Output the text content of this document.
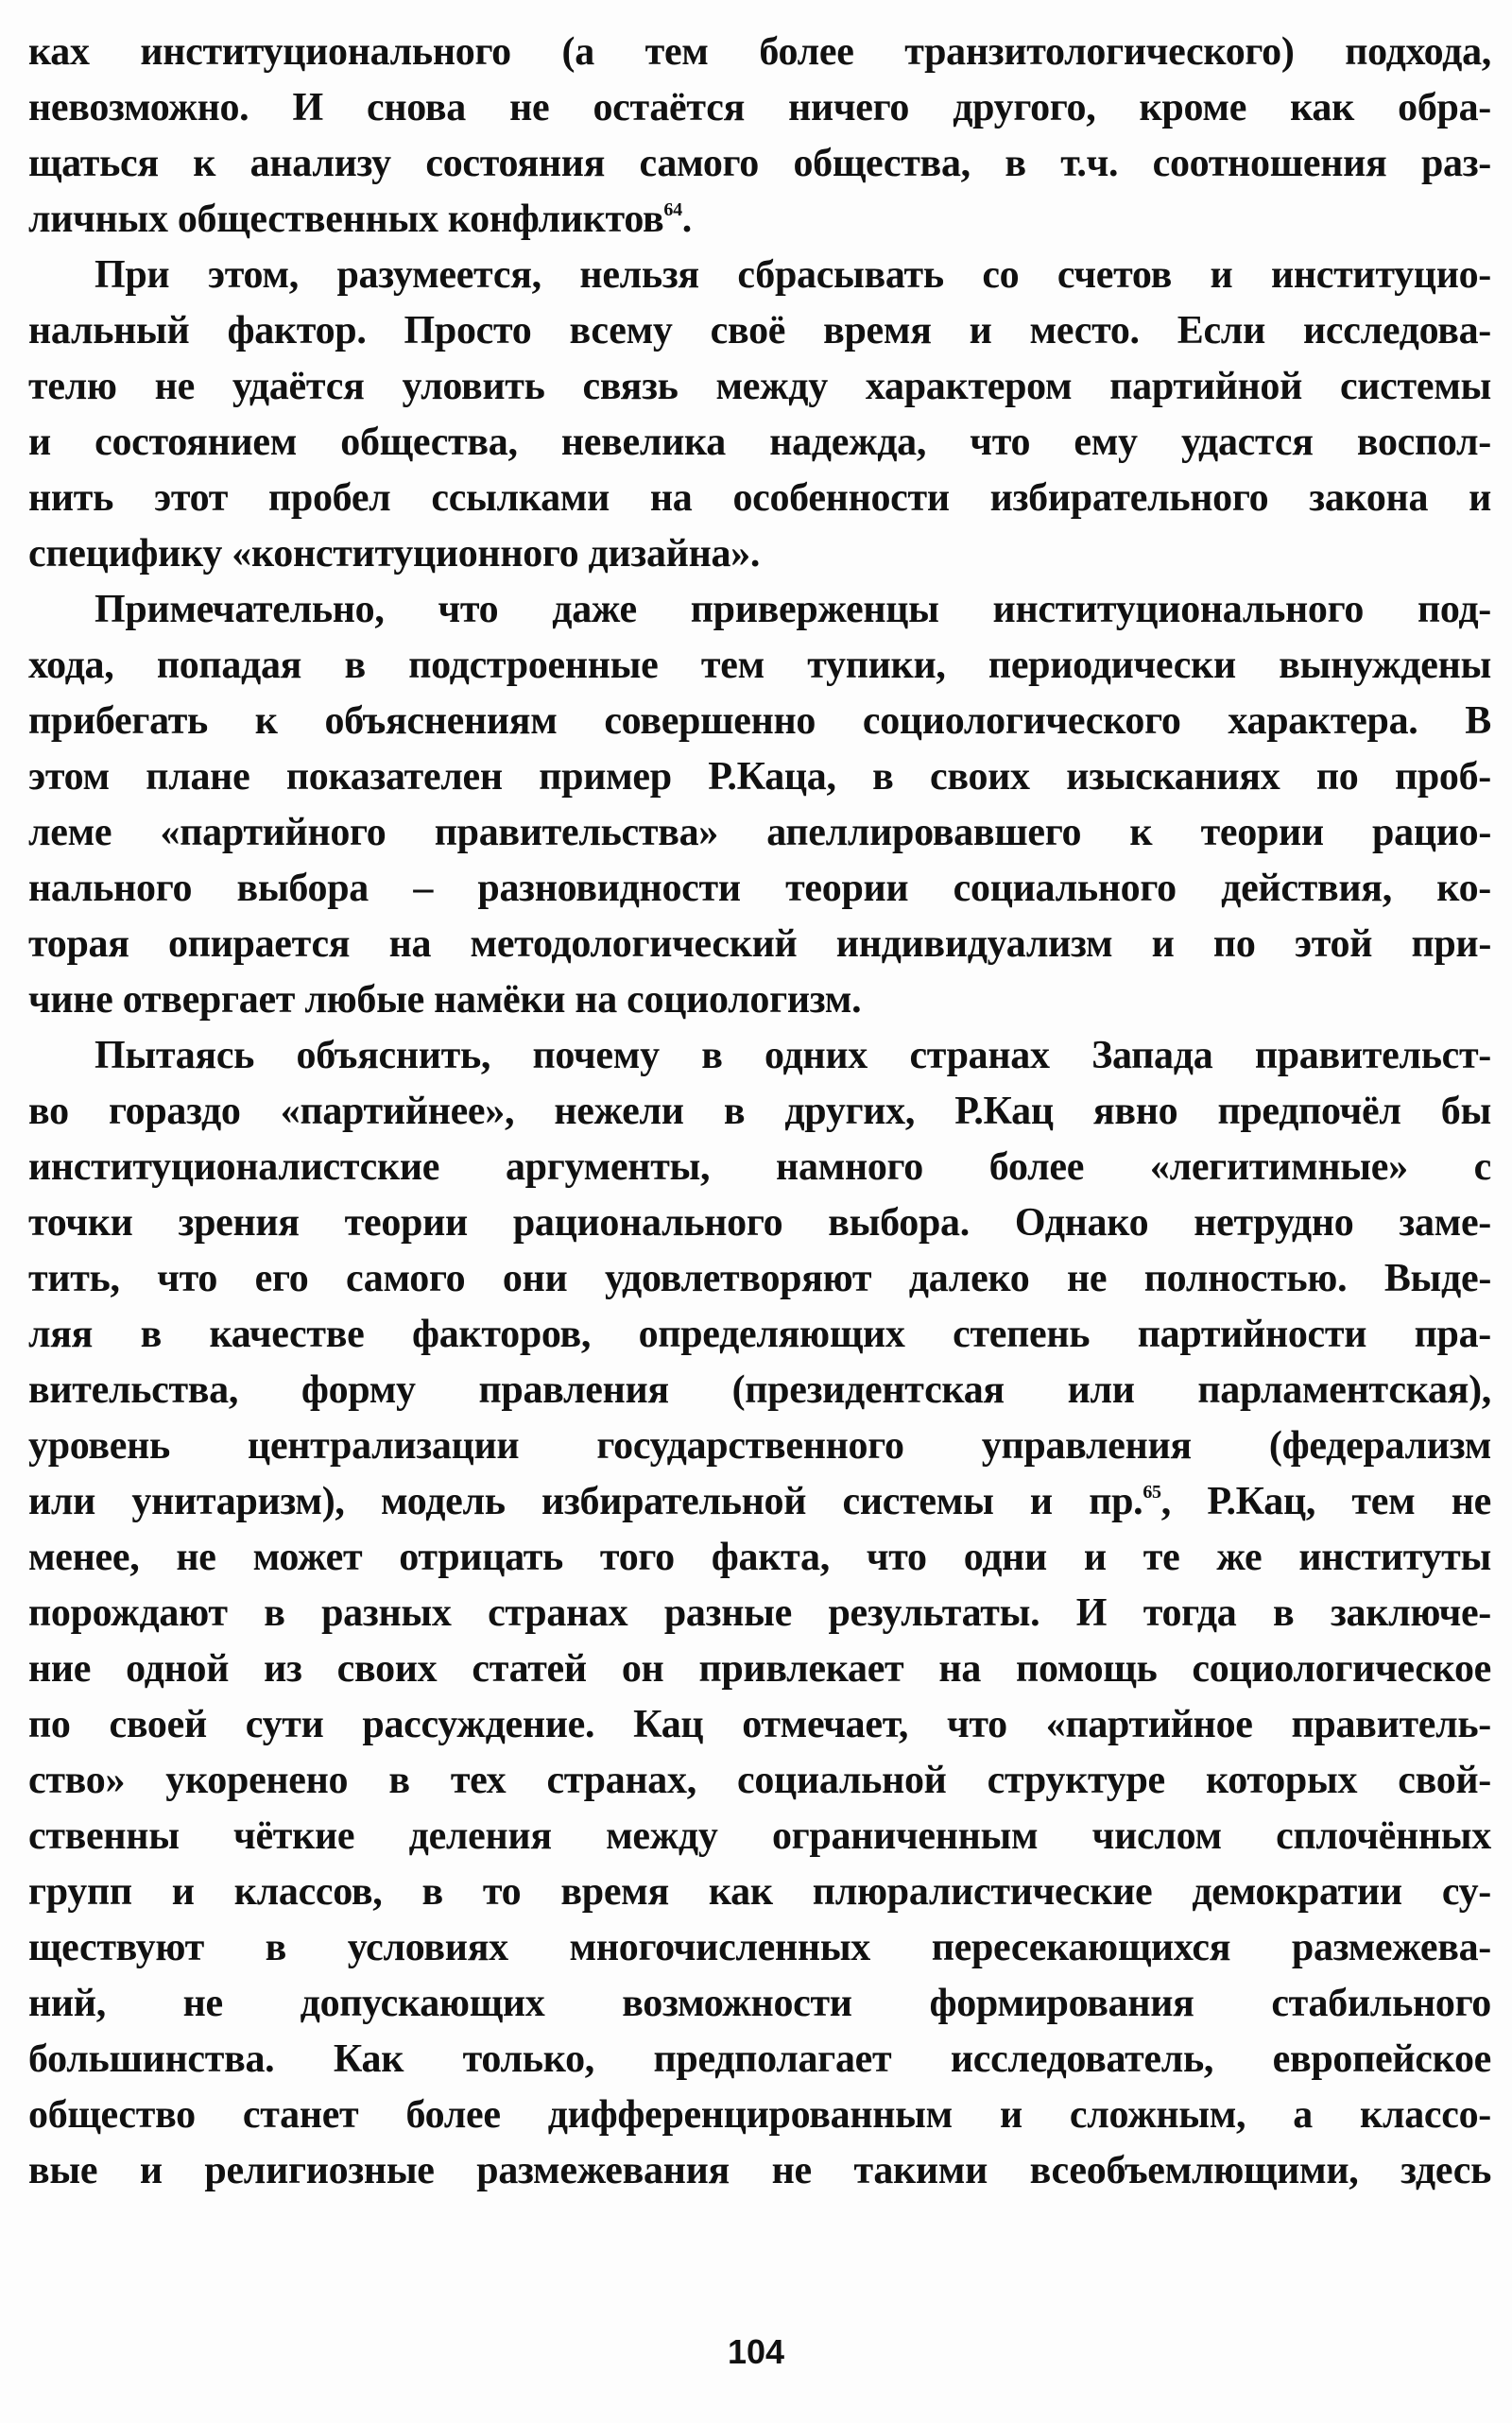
ках институционального (а тем более транзитологического) подхода,
невозможно. И снова не остаётся ничего другого, кроме как обра-
щаться к анализу состояния самого общества, в т.ч. соотношения раз-
личных общественных конфликтов$^{64}$.
При этом, разумеется, нельзя сбрасывать со счетов и институцио-
нальный фактор. Просто всему своё время и место. Если исследова-
телю не удаётся уловить связь между характером партийной системы
и состоянием общества, невелика надежда, что ему удастся воспол-
нить этот пробел ссылками на особенности избирательного закона и
специфику «конституционного дизайна».
Примечательно, что даже приверженцы институционального под-
хода, попадая в подстроенные тем тупики, периодически вынуждены
прибегать к объяснениям совершенно социологического характера. В
этом плане показателен пример Р.Каца, в своих изысканиях по проб-
леме «партийного правительства» апеллировавшего к теории рацио-
нального выбора – разновидности теории социального действия, ко-
торая опирается на методологический индивидуализм и по этой при-
чине отвергает любые намёки на социологизм.
Пытаясь объяснить, почему в одних странах Запада правительст-
во гораздо «партийнее», нежели в других, Р.Кац явно предпочёл бы
институционалистские аргументы, намного более «легитимные» с
точки зрения теории рационального выбора. Однако нетрудно заме-
тить, что его самого они удовлетворяют далеко не полностью. Выде-
ляя в качестве факторов, определяющих степень партийности пра-
вительства, форму правления (президентская или парламентская),
уровень централизации государственного управления (федерализм
или унитаризм), модель избирательной системы и пр.$^{65}$, Р.Кац, тем не
менее, не может отрицать того факта, что одни и те же институты
порождают в разных странах разные результаты. И тогда в заключе-
ние одной из своих статей он привлекает на помощь социологическое
по своей сути рассуждение. Кац отмечает, что «партийное правитель-
ство» укоренено в тех странах, социальной структуре которых свой-
ственны чёткие деления между ограниченным числом сплочённых
групп и классов, в то время как плюралистические демократии су-
ществуют в условиях многочисленных пересекающихся размежева-
ний, не допускающих возможности формирования стабильного
большинства. Как только, предполагает исследователь, европейское
общество станет более дифференцированным и сложным, а классо-
вые и религиозные размежевания не такими всеобъемлющими, здесь
104
